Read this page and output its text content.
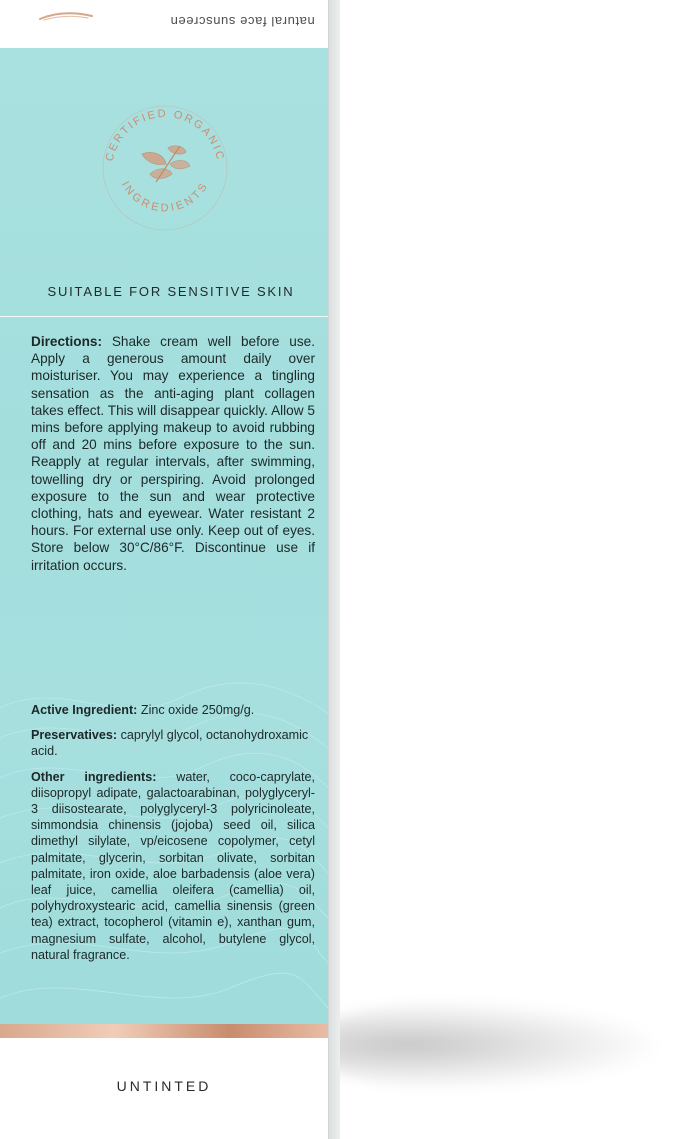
natural face sunscreen
CERTIFIED ORGANIC
INGREDIENTS
SUITABLE FOR SENSITIVE SKIN
Directions: Shake cream well before use. Apply a generous amount daily over moisturiser. You may experience a tingling sensation as the anti-aging plant collagen takes effect. This will disappear quickly. Allow 5 mins before applying makeup to avoid rubbing off and 20 mins before exposure to the sun. Reapply at regular intervals, after swimming, towelling dry or perspiring. Avoid prolonged exposure to the sun and wear protective clothing, hats and eyewear. Water resistant 2 hours. For external use only. Keep out of eyes. Store below 30°C/86°F. Discontinue use if irritation occurs.

Active Ingredient: Zinc oxide 250mg/g.

Preservatives: caprylyl glycol, octanohydroxamic acid.

Other ingredients: water, coco-caprylate, diisopropyl adipate, galactoarabinan, polyglyceryl-3 diisostearate, polyglyceryl-3 polyricinoleate, simmondsia chinensis (jojoba) seed oil, silica dimethyl silylate, vp/eicosene copolymer, cetyl palmitate, glycerin, sorbitan olivate, sorbitan palmitate, iron oxide, aloe barbadensis (aloe vera) leaf juice, camellia oleifera (camellia) oil, polyhydroxystearic acid, camellia sinensis (green tea) extract, tocopherol (vitamin e), xanthan gum, magnesium sulfate, alcohol, butylene glycol, natural fragrance.

UNTINTED
